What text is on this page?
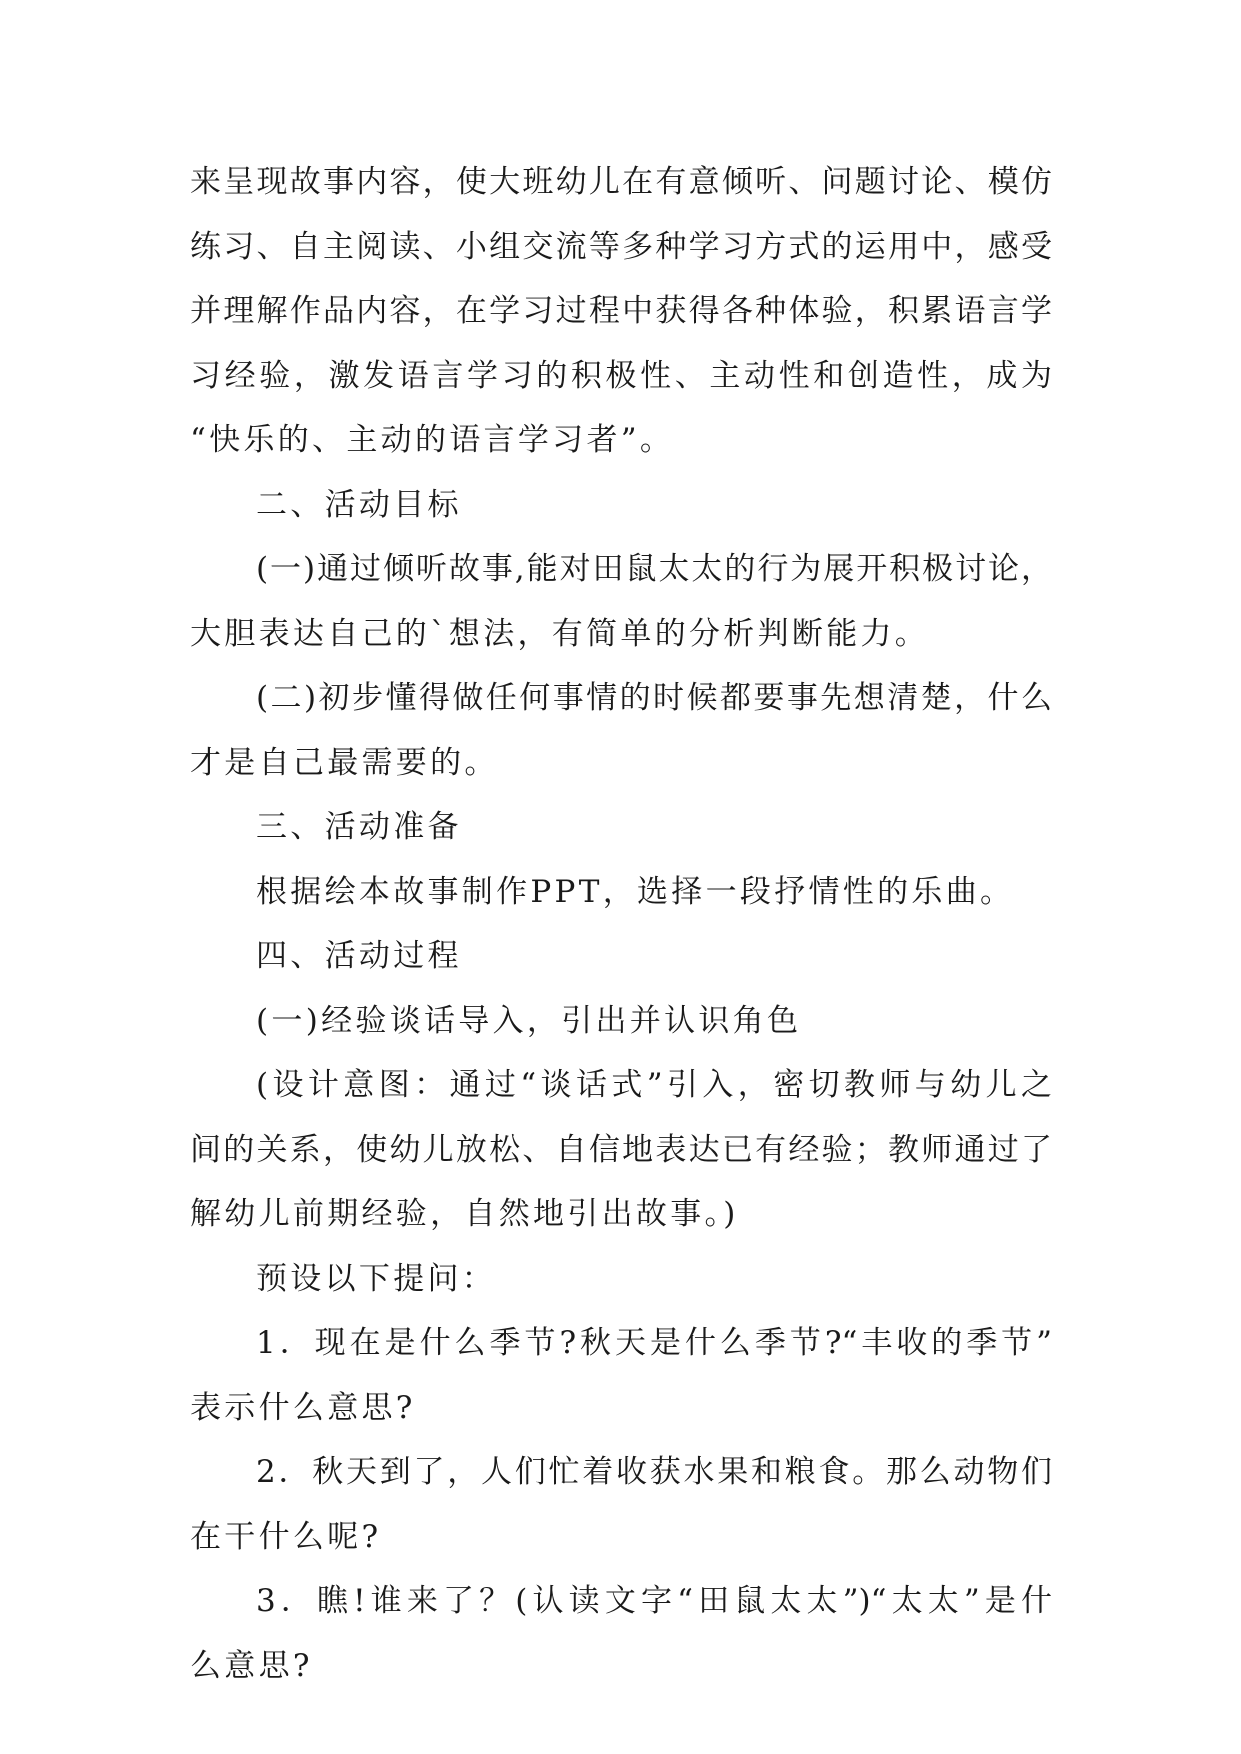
来呈现故事内容，使大班幼儿在有意倾听、问题讨论、模仿
练习、自主阅读、小组交流等多种学习方式的运用中，感受
并理解作品内容，在学习过程中获得各种体验，积累语言学
习经验，激发语言学习的积极性、主动性和创造性，成为
“快乐的、主动的语言学习者”。
二、活动目标
(一)通过倾听故事,能对田鼠太太的行为展开积极讨论，
大胆表达自己的`想法，有简单的分析判断能力。
(二)初步懂得做任何事情的时候都要事先想清楚，什么
才是自己最需要的。
三、活动准备
根据绘本故事制作PPT，选择一段抒情性的乐曲。
四、活动过程
(一)经验谈话导入，引出并认识角色
(设计意图：通过“谈话式”引入，密切教师与幼儿之
间的关系，使幼儿放松、自信地表达已有经验；教师通过了
解幼儿前期经验，自然地引出故事。)
预设以下提问：
1．现在是什么季节?秋天是什么季节?“丰收的季节”
表示什么意思?
2．秋天到了，人们忙着收获水果和粮食。那么动物们
在干什么呢?
3．瞧!谁来了？(认读文字“田鼠太太”)“太太”是什
么意思?
